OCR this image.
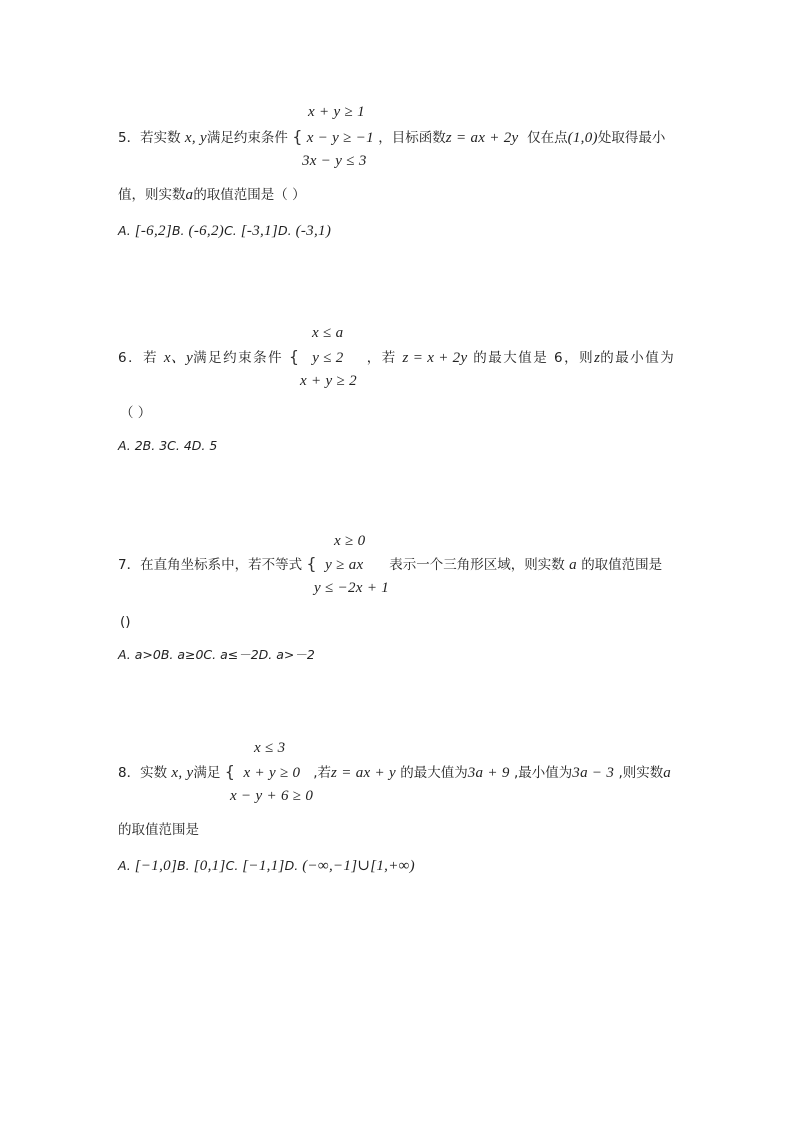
x + y ≥ 1
5．若实数 x, y满足约束条件 { x − y ≥ −1 ，目标函数z = ax + 2y 仅在点(1,0)处取得最小
3x − y ≤ 3
值，则实数a的取值范围是（ ）
A. [-6,2]B. (-6,2)C. [-3,1]D. (-3,1)
x ≤ a
6．若 x、y满足约束条件 { y ≤ 2 ，若 z = x + 2y 的最大值是 6，则z的最小值为
x + y ≥ 2
（ ）
A. 2B. 3C. 4D. 5
x ≥ 0
7．在直角坐标系中，若不等式 { y ≥ ax 表示一个三角形区域，则实数 a 的取值范围是
y ≤ −2x + 1
()
A. a>0B. a≥0C. a≤－2D. a>－2
x ≤ 3
8．实数 x, y满足 { x + y ≥ 0 ,若z = ax + y 的最大值为3a + 9 ,最小值为3a − 3 ,则实数a
x − y + 6 ≥ 0
的取值范围是
A. [−1,0]B. [0,1]C. [−1,1]D. (−∞,−1]∪[1,+∞)
